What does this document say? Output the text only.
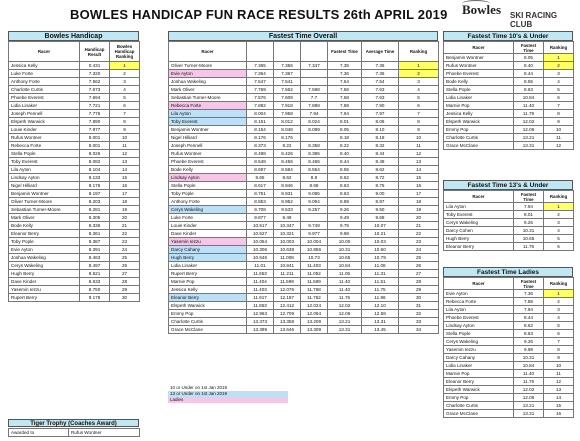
BOWLES HANDICAP FUN RACE RESULTS 26th APRIL 2019 Bowles SKI RACING CLUB
Bowles Handicap
Racer	Handicap Result	Bowles Handicap Ranking
Jessica Kelly	0.431	1
Luke Forte	7.320	2
Anthony Forte	7.562	3
Charlotte Curtis	7.673	4
Phoebe Everest	7.694	5
Lidia Linaker	7.721	6
Joseph Pennell	7.776	7
Elspeth Warwick	7.890	8
Louie Kinder	7.977	9
Rufus Wontner	8.001	10
Rebecca Forte	8.001	11
Stella Pople	8.026	12
Toby Everest	8.082	13
Lila Ayton	8.104	14
Lindsay Ayton	8.133	15
Nigel Hilliard	8.176	16
Benjamin Wontner	8.197	17
Oliver Turner-Moore	8.203	18
Sebastian Turner-Moore	8.281	19
Mark Oliver	8.305	20
Bode Kelly	8.336	21
Eleanor Berry	8.361	22
Toby Pople	8.387	23
Evie Ayton	8.391	24
Joshua Wakeling	8.463	25
Cerys Wakeling	8.497	26
Hugh Berry	8.521	27
Dave Kinder	8.633	28
Yasemin Iezzu	8.750	29
Rupert Berry	9.178	30
Fastest Time Overall
Racer				Fastest Time	Average Time	Ranking
Oliver Turner-Moore	7.365	7.356	7.347	7.35	7.36	1
Evie Ayton	7.364	7.367		7.36	7.36	2
Joshua Wakeling	7.547	7.541		7.54	7.54	3
Mark Oliver	7.769	7.562	7.598	7.56	7.63	4
Sebastian Turner-Moore	7.576	7.609	7.7	7.58	7.63	5
Rebecca Forte	7.882	7.918	7.898	7.88	7.90	6
Lila Ayton	8.004	7.958	7.94	7.94	7.97	7
Toby Everest	8.151	8.012	8.024	8.01	8.06	8
Benjamin Wontner	8.154	8.048	8.089	8.05	8.10	9
Nigel Hilliard	8.176	8.176		8.18	8.18	10
Joseph Pennell	8.373	8.22	8.358	8.22	8.32	11
Rufus Wontner	8.498	8.426	8.395	8.40	8.44	12
Phoebe Everest	8.548	8.456	8.466	8.44	8.48	13
Bode Kelly	8.697	8.584	8.554	8.55	8.62	14
Lindsay Ayton	8.65	8.62	8.9	8.62	8.72	15
Stella Pople	8.617	8.946	8.68	8.63	8.75	16
Toby Pople	8.751	8.931	9.085	8.63	9.00	17
Anthony Forte	8.853	8.952	9.094	8.89	8.97	18
Cerys Wakeling	9.708	9.533	9.257	9.26	9.50	19
Luke Forte	9.877	9.49		9.49	9.68	20
Louie Kinder	10.517	10.347	9.749	9.75	10.07	21
Dave Kinder	10.527	10.321	9.977	9.98	10.21	22
Yasemin Iezzu	10.064	10.003	10.004	10.00	10.03	23
Darcy Cahany	10.306	10.638	10.856	10.31	10.60	24
Hugh Berry	10.646	11.008	10.73	10.65	10.79	25
Lidia Linaker	11.01	10.841	11.403	10.84	11.08	26
Rupert Berry	11.653	11.211	11.052	11.05	11.31	27
Marnie Pop	11.404	11.599	11.599	11.40	11.51	28
Jessica Kelly	11.403	12.076	11.768	11.40	11.75	29
Eleanor Berry	11.917	12.187	11.762	11.76	11.96	30
Elspeth Warwick	11.853	12.412	12.024	12.02	12.10	31
Emmy Pop	12.963	12.709	12.064	12.06	12.58	32
Charlotte Curtis	13.373	13.358	13.209	13.21	13.31	33
Grace McClane	13.399	13.646	13.309	13.31	13.45	34
10 or Under on 1st Jan 2019
13 or Under on 1st Jan 2019
Ladies
Fastest Time 10's & Under
Racer	Fastest Time	Ranking
Benjamin Wontner	8.05	1
Rufus Wontner	8.40	2
Phoebe Everest	8.44	3
Bode Kelly	8.55	4
Stella Pople	8.63	5
Lidia Linaker	10.84	6
Marnie Pop	11.40	7
Jessica Kelly	11.79	8
Elspeth Warwick	12.02	9
Emmy Pop	12.06	10
Charlotte Curtis	13.21	11
Grace McClane	13.31	12
Fastest Time 13's & Under
Racer	Fastest Time	Ranking
Lila Ayton	7.94	1
Toby Everest	8.01	2
Cerys Wakeling	9.26	3
Darcy Cohen	10.31	4
Hugh Berry	10.65	5
Eleanor Berry	11.76	6
Fastest Time Ladies
Racer	Fastest Time	Ranking
Evie Ayton	7.36	1
Rebecca Forte	7.88	2
Lila Ayton	7.94	3
Phoebe Everest	8.44	4
Lindsay Ayton	8.62	5
Stella Pople	8.63	6
Cerys Wakeling	9.26	7
Yasemin Iezzu	9.98	8
Darcy Cahany	10.31	9
Lidia Linaker	10.84	10
Marnie Pop	11.40	11
Eleanor Berry	11.76	12
Elspeth Warwick	12.02	13
Emmy Pop	12.06	14
Charlotte Curtis	13.21	15
Grace McClane	13.31	16
Tiger Trophy (Coaches Award)
Awarded to	Rufus Wontner
